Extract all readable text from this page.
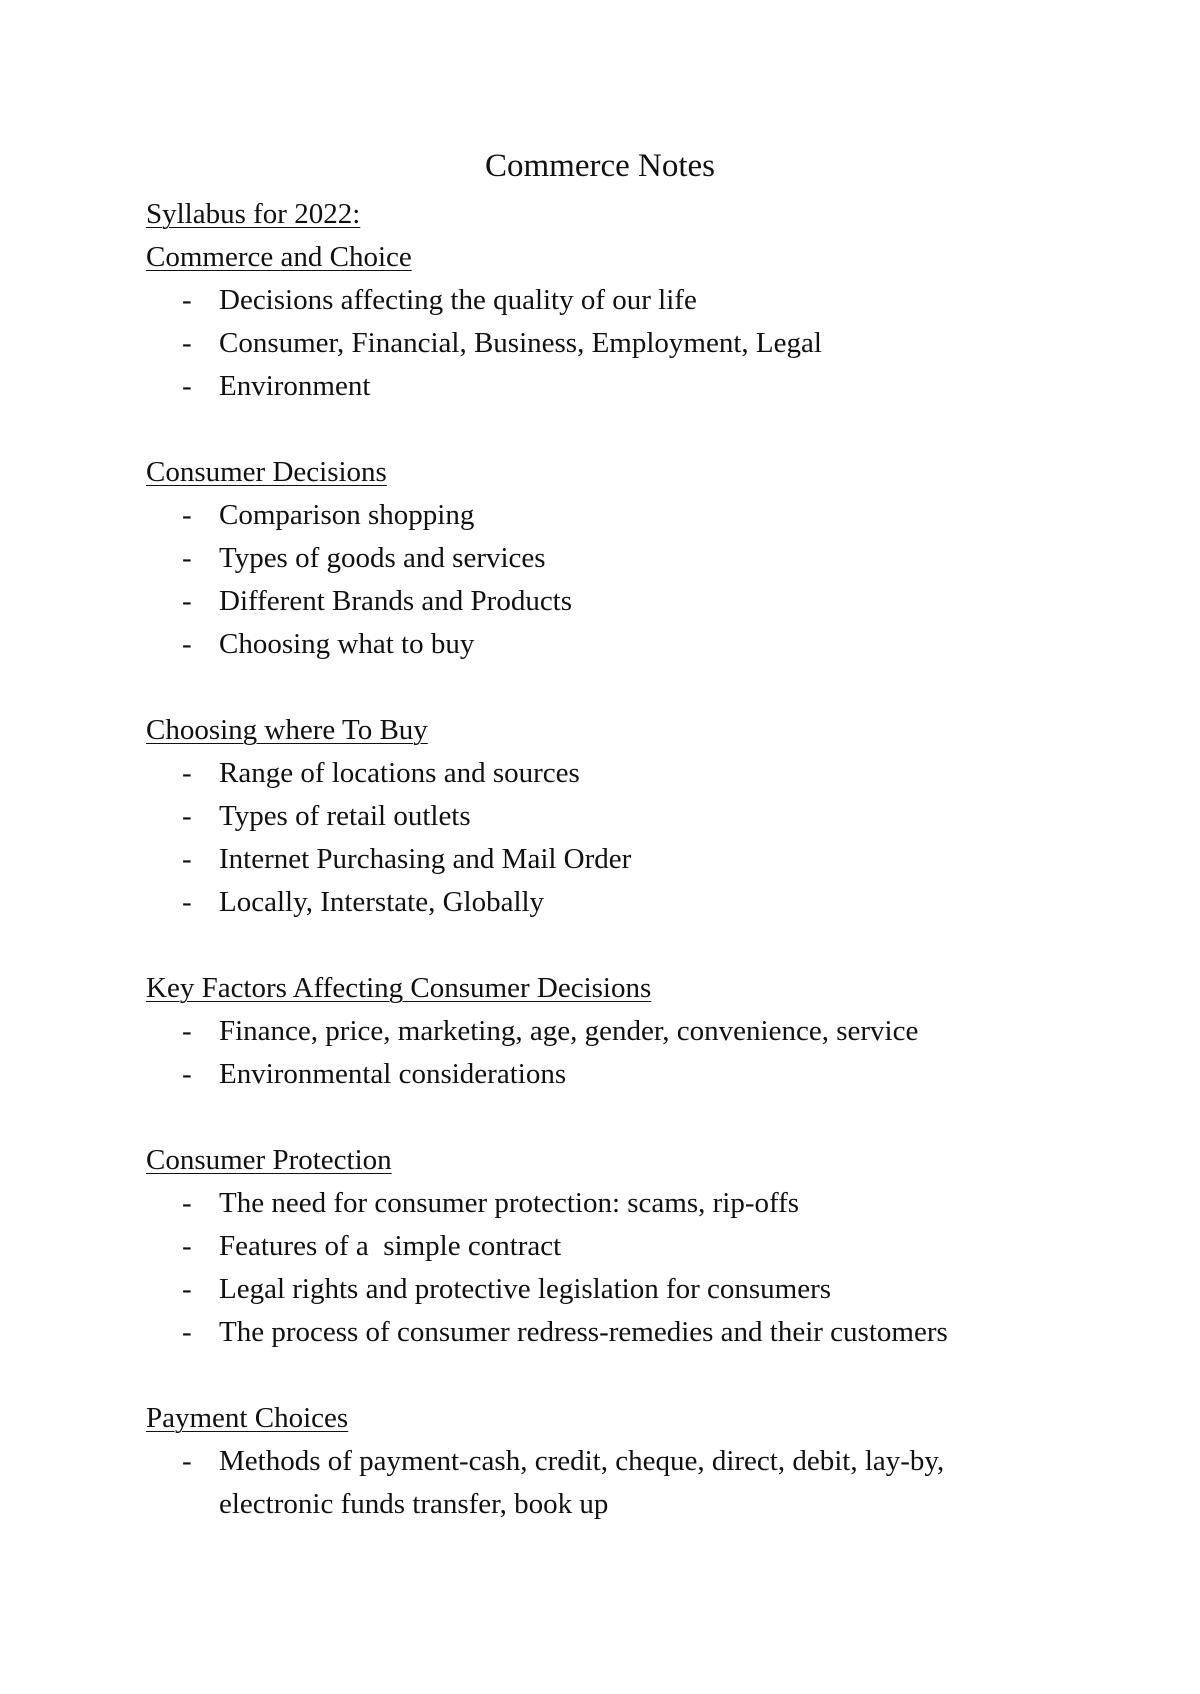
Commerce Notes
Syllabus for 2022:
Commerce and Choice
- Decisions affecting the quality of our life
- Consumer, Financial, Business, Employment, Legal
- Environment
Consumer Decisions
- Comparison shopping
- Types of goods and services
- Different Brands and Products
- Choosing what to buy
Choosing where To Buy
- Range of locations and sources
- Types of retail outlets
- Internet Purchasing and Mail Order
- Locally, Interstate, Globally
Key Factors Affecting Consumer Decisions
- Finance, price, marketing, age, gender, convenience, service
- Environmental considerations
Consumer Protection
- The need for consumer protection: scams, rip-offs
- Features of a  simple contract
- Legal rights and protective legislation for consumers
- The process of consumer redress-remedies and their customers
Payment Choices
- Methods of payment-cash, credit, cheque, direct, debit, lay-by, electronic funds transfer, book up
